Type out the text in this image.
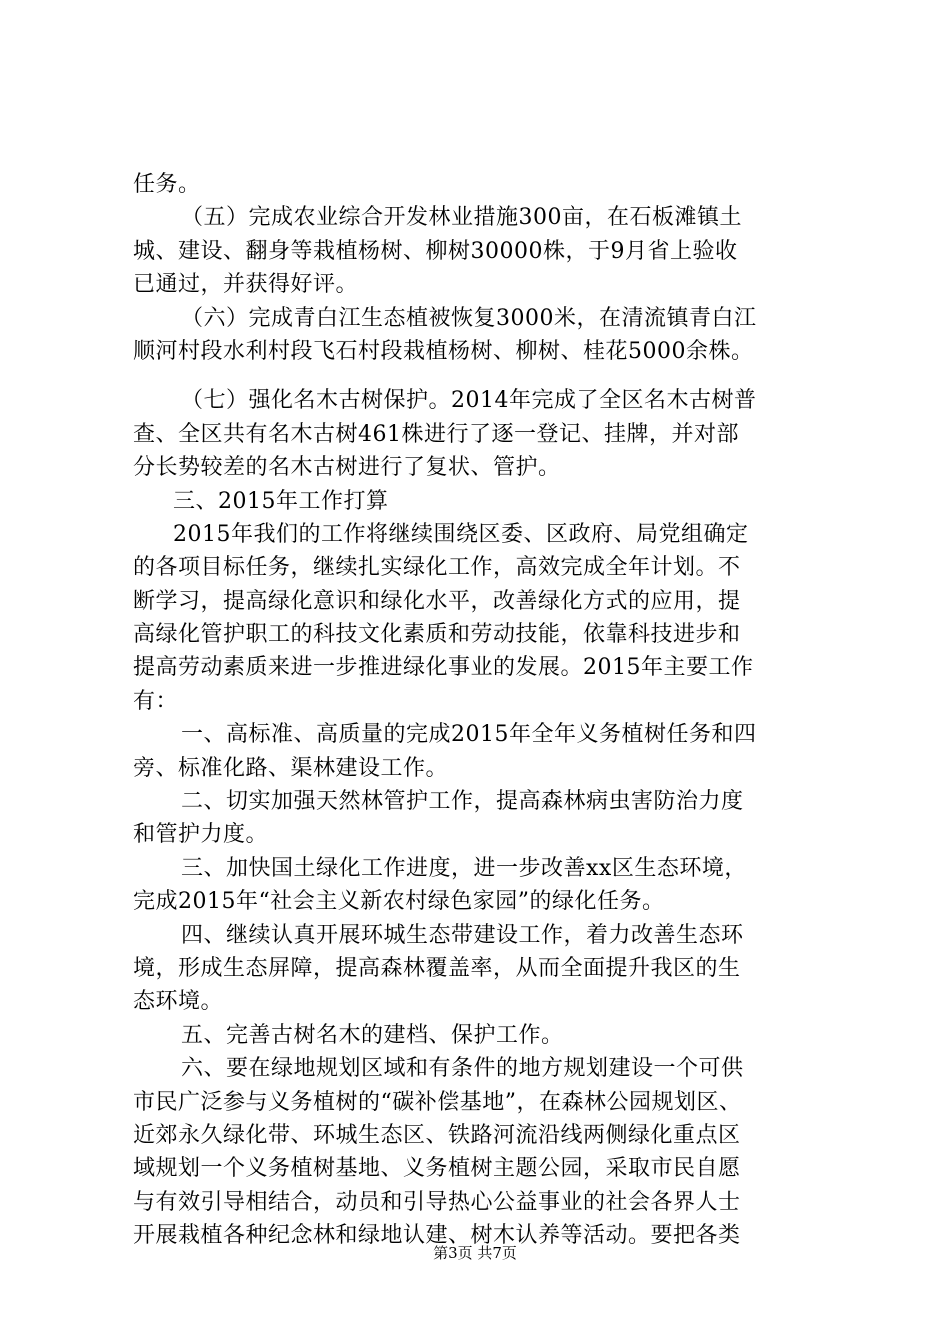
任务。
（五）完成农业综合开发林业措施300亩，在石板滩镇土
城、建设、翻身等栽植杨树、柳树30000株，于9月省上验收
已通过，并获得好评。
（六）完成青白江生态植被恢复3000米，在清流镇青白江
顺河村段水利村段飞石村段栽植杨树、柳树、桂花5000余株。
（七）强化名木古树保护。2014年完成了全区名木古树普
查、全区共有名木古树461株进行了逐一登记、挂牌，并对部
分长势较差的名木古树进行了复状、管护。
三、2015年工作打算
2015年我们的工作将继续围绕区委、区政府、局党组确定
的各项目标任务，继续扎实绿化工作，高效完成全年计划。不
断学习，提高绿化意识和绿化水平，改善绿化方式的应用，提
高绿化管护职工的科技文化素质和劳动技能，依靠科技进步和
提高劳动素质来进一步推进绿化事业的发展。2015年主要工作
有：
一、高标准、高质量的完成2015年全年义务植树任务和四
旁、标准化路、渠林建设工作。
二、切实加强天然林管护工作，提高森林病虫害防治力度
和管护力度。
三、加快国土绿化工作进度，进一步改善xx区生态环境，
完成2015年“社会主义新农村绿色家园”的绿化任务。
四、继续认真开展环城生态带建设工作，着力改善生态环
境，形成生态屏障，提高森林覆盖率，从而全面提升我区的生
态环境。
五、完善古树名木的建档、保护工作。
六、要在绿地规划区域和有条件的地方规划建设一个可供
市民广泛参与义务植树的“碳补偿基地”，在森林公园规划区、
近郊永久绿化带、环城生态区、铁路河流沿线两侧绿化重点区
域规划一个义务植树基地、义务植树主题公园，采取市民自愿
与有效引导相结合，动员和引导热心公益事业的社会各界人士
开展栽植各种纪念林和绿地认建、树木认养等活动。要把各类
第3页 共7页
